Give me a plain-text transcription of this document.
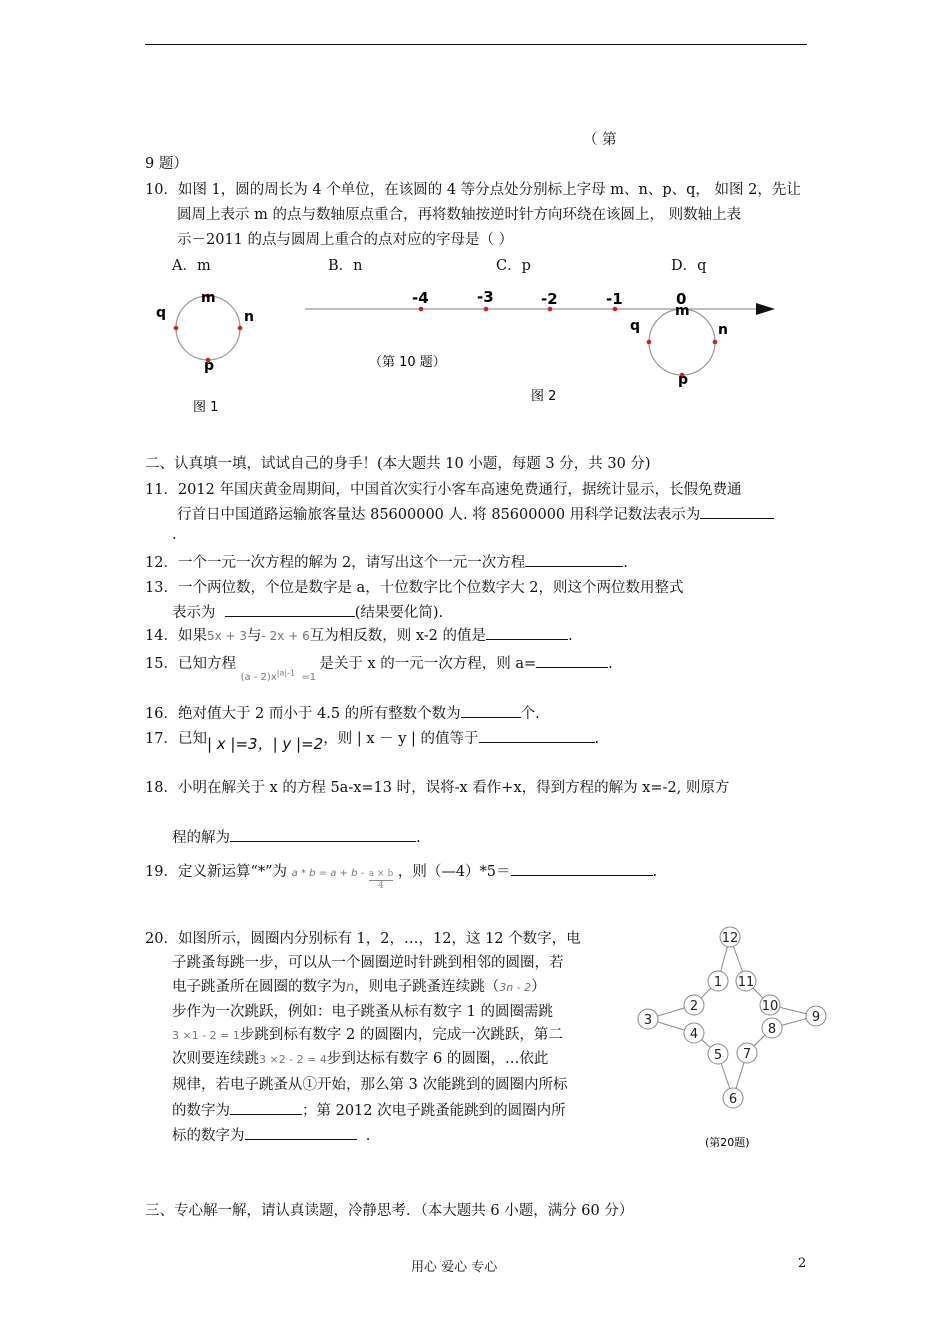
（ 第
9 题）
10．如图 1，圆的周长为 4 个单位，在该圆的 4 等分点处分别标上字母 m、n、p、q， 如图 2，先让
圆周上表示 m 的点与数轴原点重合，再将数轴按逆时针方向环绕在该圆上， 则数轴上表
示－2011 的点与圆周上重合的点对应的字母是（ ）
A．m	B．n	C．p	D．q
m
n
p
q
图 1
-4	-3	-2	-1	0
（第 10 题）
图 2
m
n
p
q
二、认真填一填，试试自己的身手！(本大题共 10 小题，每题 3 分，共 30 分)
11．2012 年国庆黄金周期间，中国首次实行小客车高速免费通行，据统计显示，长假免费通
行首日中国道路运输旅客量达 85600000 人. 将 85600000 用科学记数法表示为
.
12．一个一元一次方程的解为 2，请写出这个一元一次方程	.
13．一个两位数，个位是数字是 a，十位数字比个位数字大 2，则这个两位数用整式
表示为	(结果要化简).
14．如果5x + 3与- 2x + 6互为相反数，则 x-2 的值是	.
15．已知方程 $_{(a - 2)x^{|a|-1} =1}$ 是关于 x 的一元一次方程，则 a=	.
16．绝对值大于 2 而小于 4.5 的所有整数个数为	个.
17．已知| x |=3，| y |=2，则 | x － y | 的值等于	.
18．小明在解关于 x 的方程 5a-x=13 时，误将-x 看作+x，得到方程的解为 x=-2, 则原方
程的解为	.
19．定义新运算“*”为 $a * b = a + b - \frac{a \times b}{4}$ ，则（—4）*5＝	.
20．如图所示，圆圈内分别标有 1，2，…，12，这 12 个数字，电
子跳蚤每跳一步，可以从一个圆圈逆时针跳到相邻的圆圈，若
电子跳蚤所在圆圈的数字为n，则电子跳蚤连续跳（3n - 2）
步作为一次跳跃，例如：电子跳蚤从标有数字 1 的圆圈需跳
3 ×1 - 2 = 1步跳到标有数字 2 的圆圈内，完成一次跳跃，第二
次则要连续跳3 ×2 - 2 = 4步到达标有数字 6 的圆圈，…依此
规律，若电子跳蚤从①开始，那么第 3 次能跳到的圆圈内所标
的数字为	；第 2012 次电子跳蚤能跳到的圆圈内所
标的数字为	.
12
1 11
2	10
3	9
4	8
5 7
6
(第20题)
三、专心解一解，请认真读题，冷静思考．（本大题共 6 小题，满分 60 分）
用心 爱心 专心	2
